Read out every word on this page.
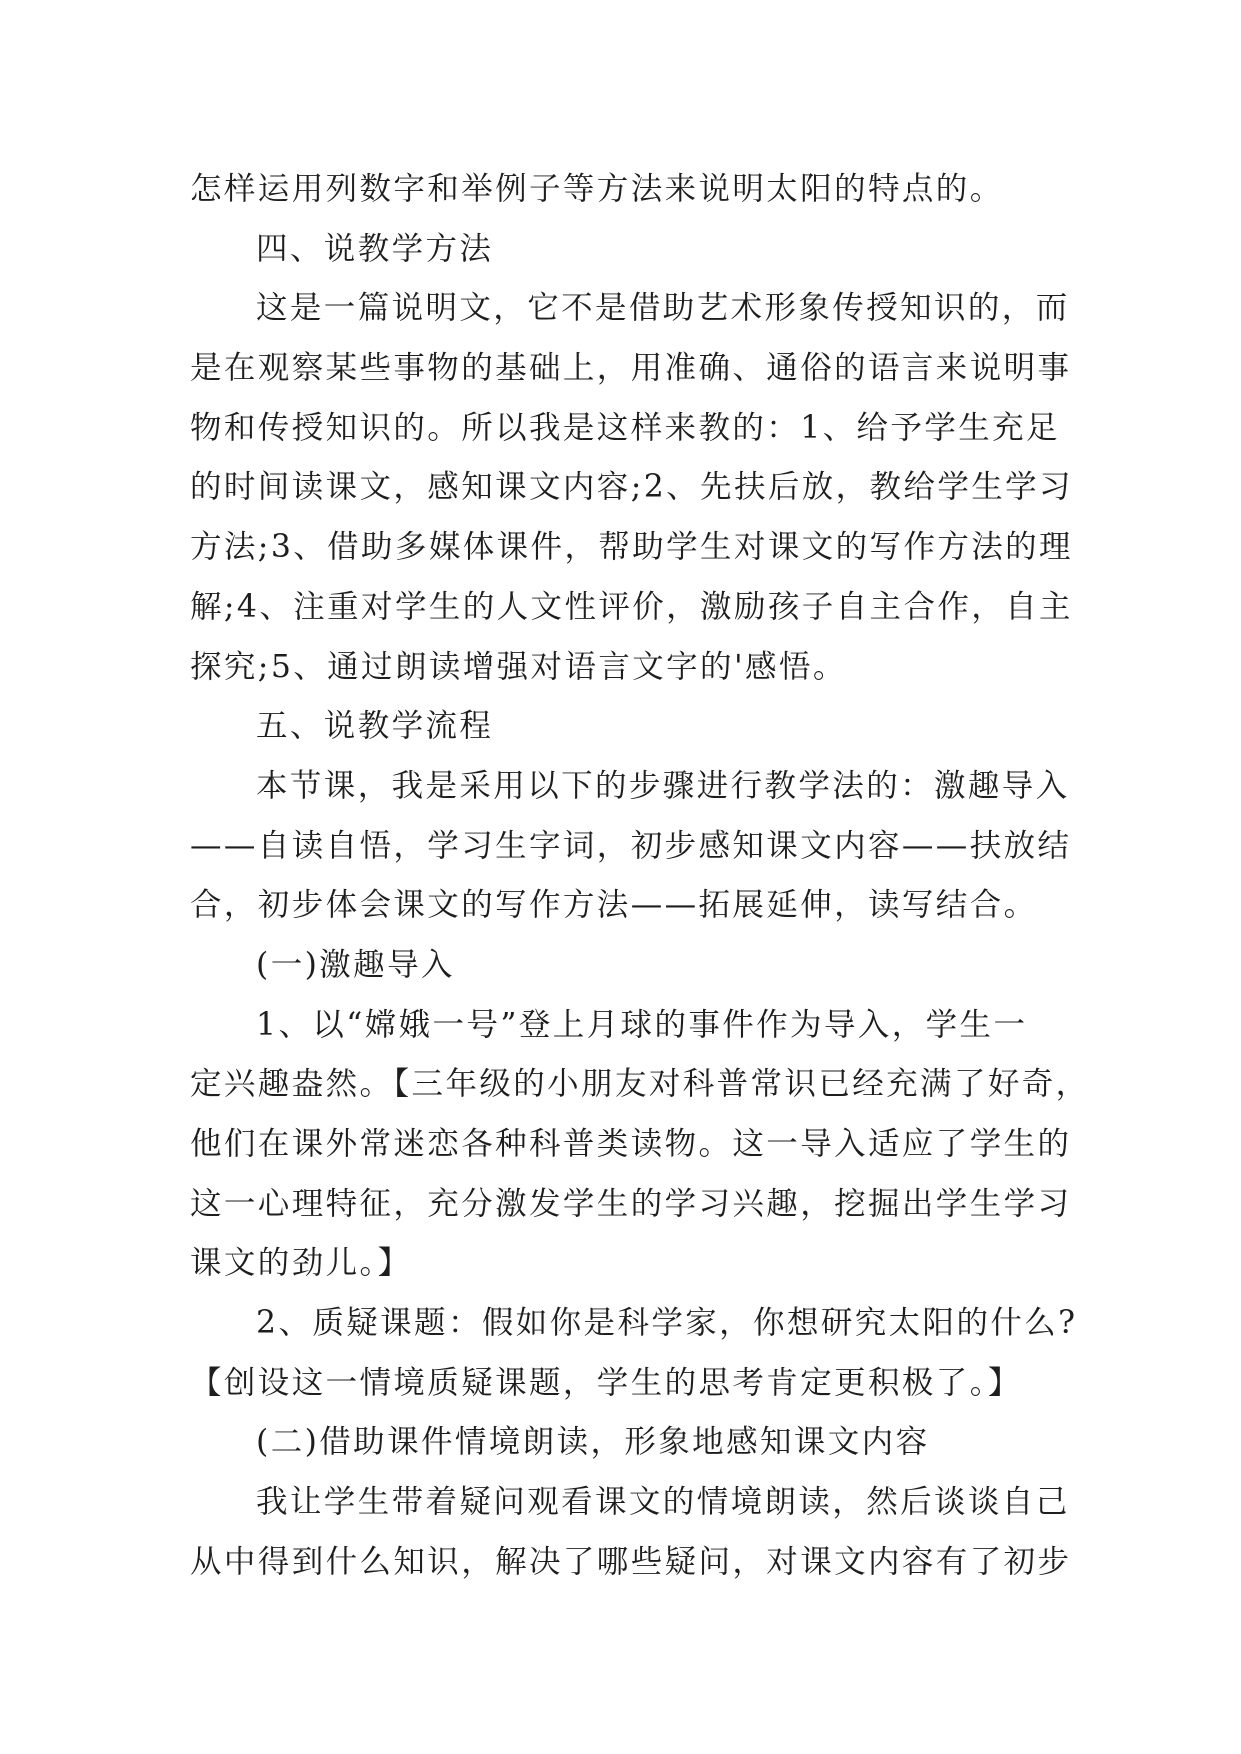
怎样运用列数字和举例子等方法来说明太阳的特点的。
四、说教学方法
这是一篇说明文，它不是借助艺术形象传授知识的，而
是在观察某些事物的基础上，用准确、通俗的语言来说明事
物和传授知识的。所以我是这样来教的：1、给予学生充足
的时间读课文，感知课文内容;2、先扶后放，教给学生学习
方法;3、借助多媒体课件，帮助学生对课文的写作方法的理
解;4、注重对学生的人文性评价，激励孩子自主合作，自主
探究;5、通过朗读增强对语言文字的'感悟。
五、说教学流程
本节课，我是采用以下的步骤进行教学法的：激趣导入
——自读自悟，学习生字词，初步感知课文内容——扶放结
合，初步体会课文的写作方法——拓展延伸，读写结合。
(一)激趣导入
1、以“嫦娥一号”登上月球的事件作为导入，学生一
定兴趣盎然。【三年级的小朋友对科普常识已经充满了好奇，
他们在课外常迷恋各种科普类读物。这一导入适应了学生的
这一心理特征，充分激发学生的学习兴趣，挖掘出学生学习
课文的劲儿。】
2、质疑课题：假如你是科学家，你想研究太阳的什么?
【创设这一情境质疑课题，学生的思考肯定更积极了。】
(二)借助课件情境朗读，形象地感知课文内容
我让学生带着疑问观看课文的情境朗读，然后谈谈自己
从中得到什么知识，解决了哪些疑问，对课文内容有了初步
